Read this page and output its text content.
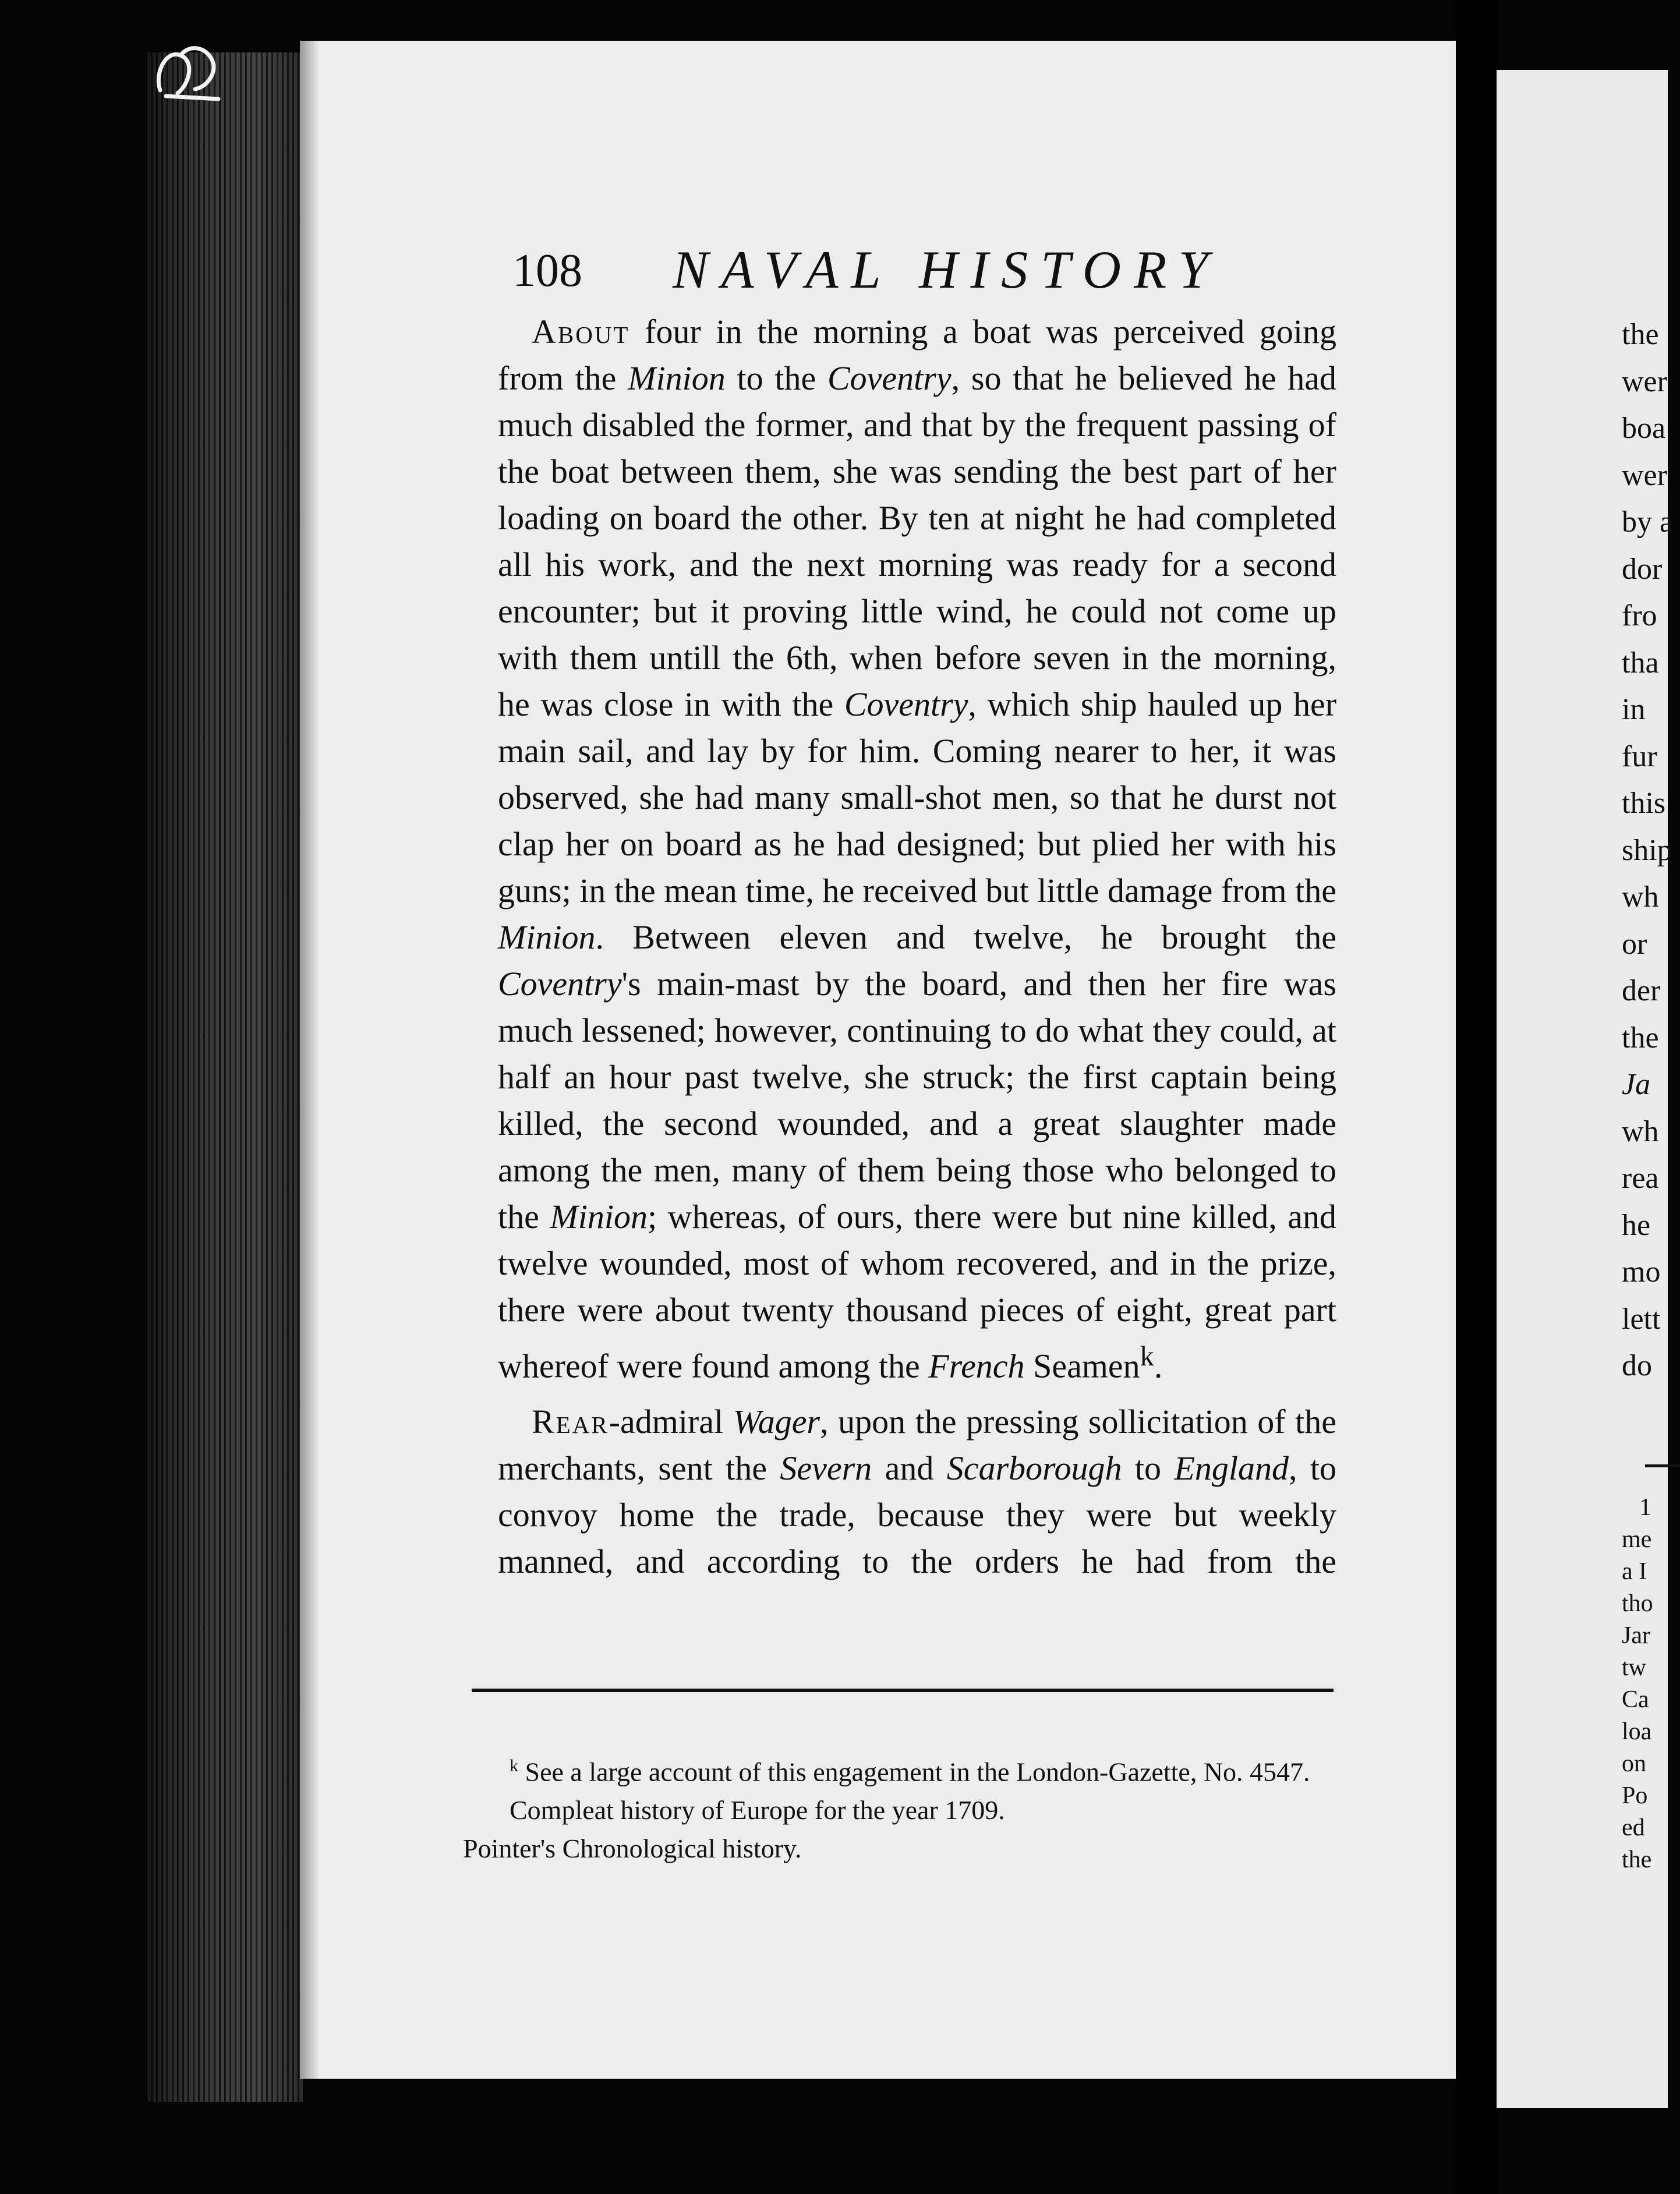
108 NAVAL HISTORY

 About four in the morning a boat was perceived going from the Minion to the Coventry, so that he believed he had much disabled the former, and that by the frequent passing of the boat between them, she was sending the best part of her loading on board the other. By ten at night he had completed all his work, and the next morning was ready for a second encounter; but it proving little wind, he could not come up with them untill the 6th, when before seven in the morning, he was close in with the Coventry, which ship hauled up her main sail, and lay by for him. Coming nearer to her, it was observed, she had many small-shot men, so that he durst not clap her on board as he had designed; but plied her with his guns; in the mean time, he received but little damage from the Minion. Between eleven and twelve, he brought the Coventry's main-mast by the board, and then her fire was much lessened; however, continuing to do what they could, at half an hour past twelve, she struck; the first captain being killed, the second wounded, and a great slaughter made among the men, many of them being those who belonged to the Minion; whereas, of ours, there were but nine killed, and twelve wounded, most of whom recovered, and in the prize, there were about twenty thousand pieces of eight, great part whereof were found among the French Seamen$^k$.

 Rear-admiral Wager, upon the pressing sollicitation of the merchants, sent the Severn and Scarborough to England, to convoy home the trade, because they were but weekly manned, and according to the orders he had from the

$^k$ See a large account of this engagement in the London-Gazette, No. 4547. Compleat history of Europe for the year 1709.
Pointer's Chronological history.
the
wer
boa
wer
by a
dor
fro
tha
in
fur
this
ship
wh
or
der
the
Ja
wh
rea
he
mo
lett
do
1
me
a I
tho
Jar
tw
Ca
loa
on
Po
ed
the
